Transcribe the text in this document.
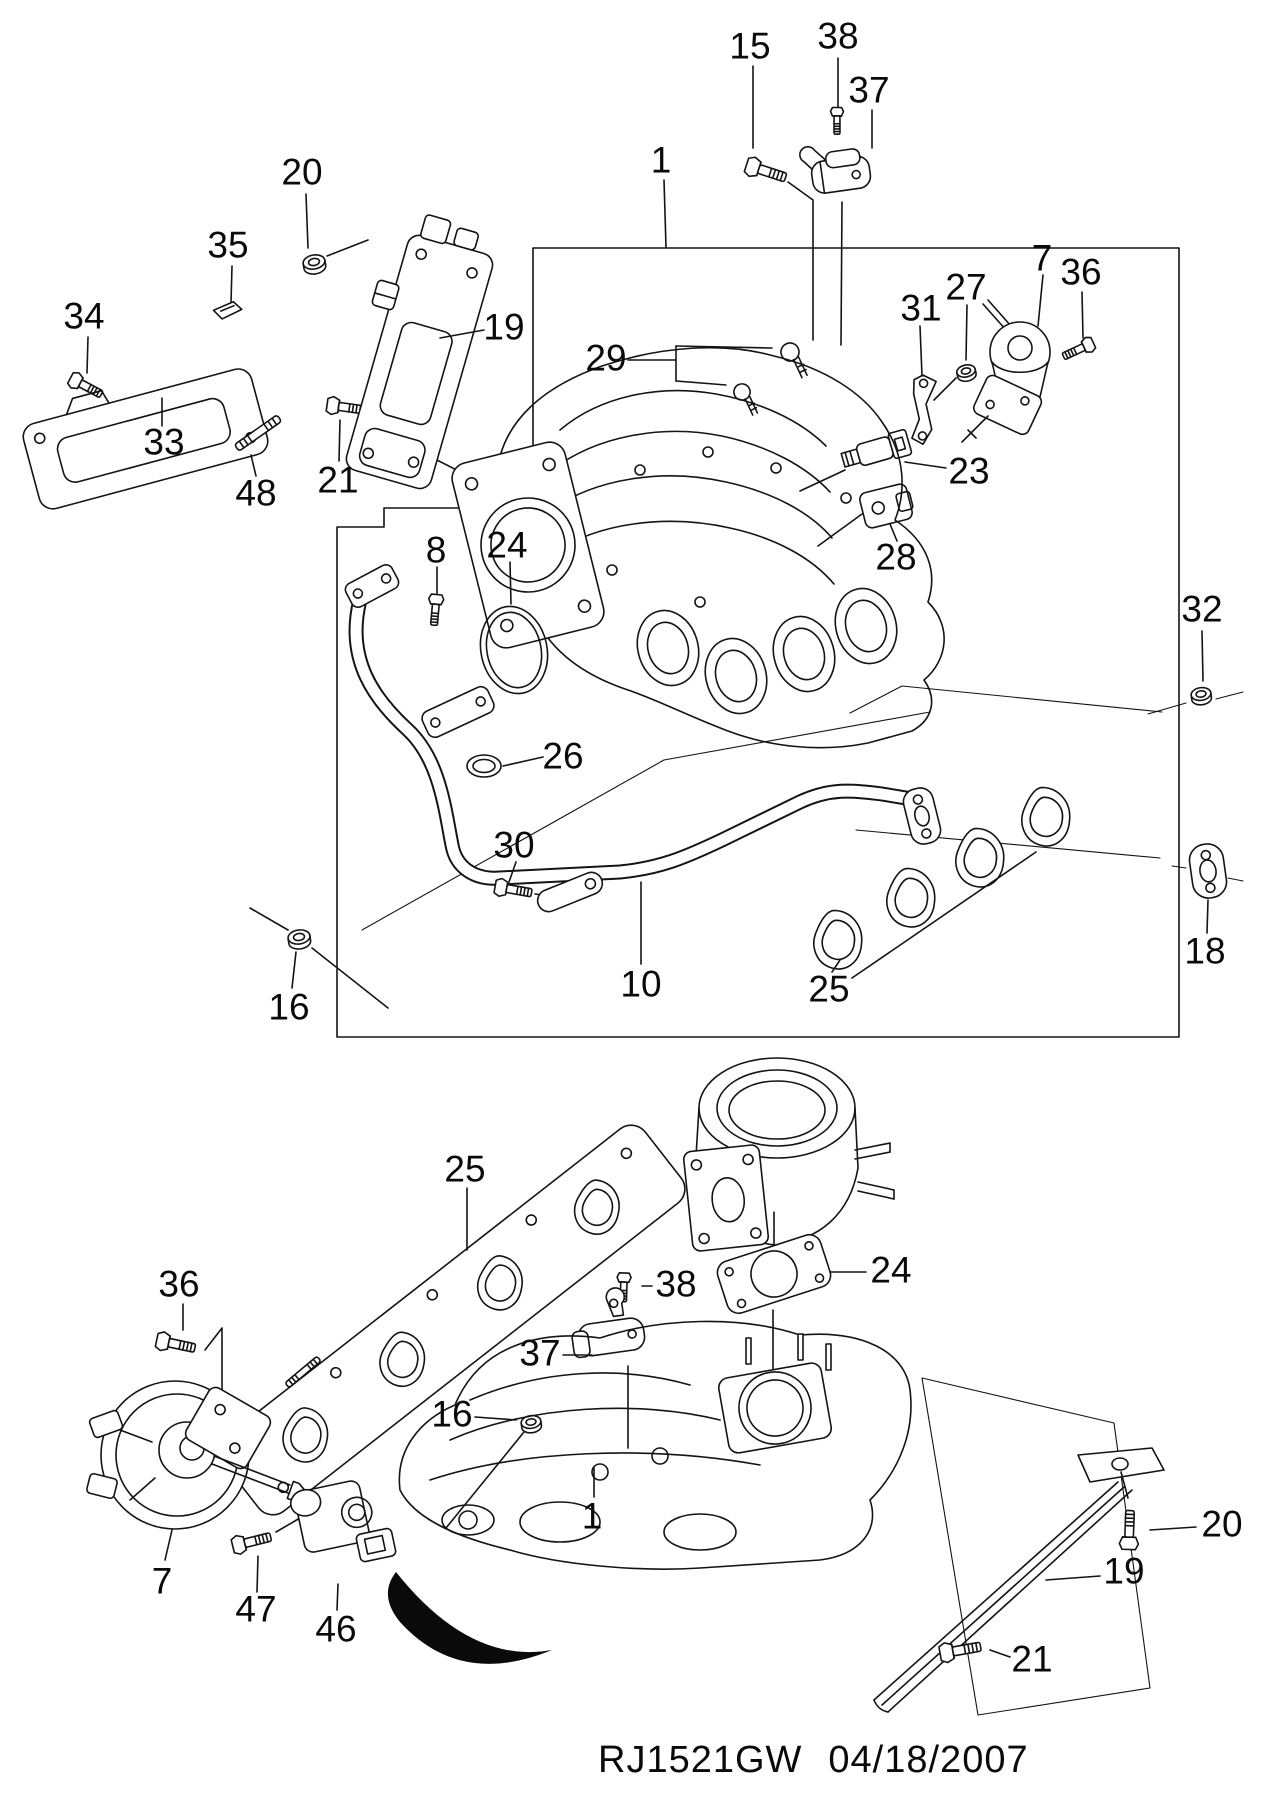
15 38
37
1
20
35
34	19
33
48 21
29
31
27
7 36
23
28
8 24
26
30
16
10	25
32
18
25
24
38
37
16
36
7
47 46
1
19
20
21
RJ1521GW 04/18/2007
